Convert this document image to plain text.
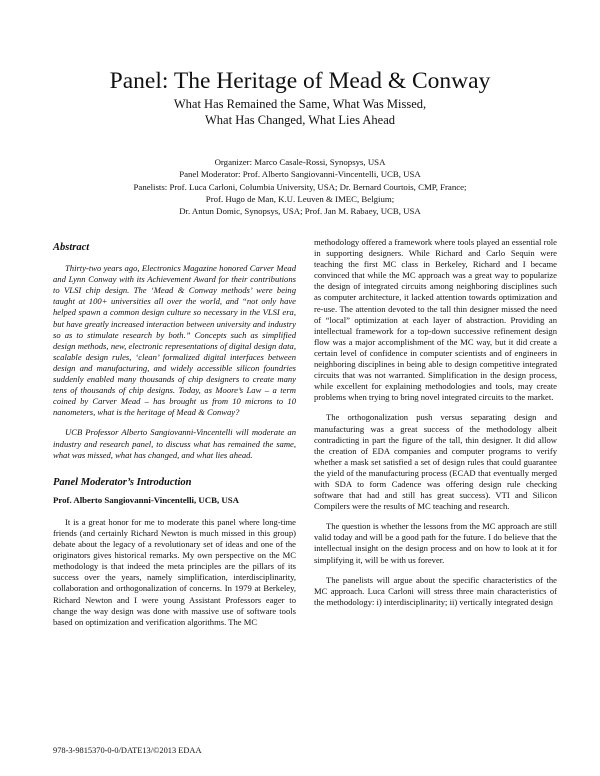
Panel: The Heritage of Mead & Conway
What Has Remained the Same, What Was Missed,
What Has Changed, What Lies Ahead
Organizer: Marco Casale-Rossi, Synopsys, USA
Panel Moderator: Prof. Alberto Sangiovanni-Vincentelli, UCB, USA
Panelists: Prof. Luca Carloni, Columbia University, USA; Dr. Bernard Courtois, CMP, France;
Prof. Hugo de Man, K.U. Leuven & IMEC, Belgium;
Dr. Antun Domic, Synopsys, USA; Prof. Jan M. Rabaey, UCB, USA
Abstract

Thirty-two years ago, Electronics Magazine honored Carver Mead and Lynn Conway with its Achievement Award for their contributions to VLSI chip design. The ‘Mead & Conway methods’ were being taught at 100+ universities all over the world, and “not only have helped spawn a common design culture so necessary in the VLSI era, but have greatly increased interaction between university and industry so as to stimulate research by both.” Concepts such as simplified design methods, new, electronic representations of digital design data, scalable design rules, ‘clean’ formalized digital interfaces between design and manufacturing, and widely accessible silicon foundries suddenly enabled many thousands of chip designers to create many tens of thousands of chip designs. Today, as Moore’s Law – a term coined by Carver Mead – has brought us from 10 microns to 10 nanometers, what is the heritage of Mead & Conway?

UCB Professor Alberto Sangiovanni-Vincentelli will moderate an industry and research panel, to discuss what has remained the same, what was missed, what has changed, and what lies ahead.

Panel Moderator’s Introduction
Prof. Alberto Sangiovanni-Vincentelli, UCB, USA

It is a great honor for me to moderate this panel where long-time friends (and certainly Richard Newton is much missed in this group) debate about the legacy of a revolutionary set of ideas and one of the originators gives historical remarks. My own perspective on the MC methodology is that indeed the meta principles are the pillars of its success over the years, namely simplification, interdisciplinarity, collaboration and orthogonalization of concerns. In 1979 at Berkeley, Richard Newton and I were young Assistant Professors eager to change the way design was done with massive use of software tools based on optimization and verification algorithms. The MC

methodology offered a framework where tools played an essential role in supporting designers. While Richard and Carlo Sequin were teaching the first MC class in Berkeley, Richard and I became convinced that while the MC approach was a great way to popularize the design of integrated circuits among neighboring disciplines such as computer architecture, it lacked attention towards optimization and re-use. The attention devoted to the tall thin designer missed the need of “local” optimization at each layer of abstraction. Providing an intellectual framework for a top-down successive refinement design flow was a major accomplishment of the MC way, but it did create a certain level of confidence in computer scientists and of engineers in neighboring disciplines in being able to design competitive integrated circuits that was not warranted. Simplification in the design process, while excellent for explaining methodologies and tools, may create problems when trying to bring novel integrated circuits to the market.

The orthogonalization push versus separating design and manufacturing was a great success of the methodology albeit contradicting in part the figure of the tall, thin designer. It did allow the creation of EDA companies and computer programs to verify whether a mask set satisfied a set of design rules that could guarantee the yield of the manufacturing process (ECAD that eventually merged with SDA to form Cadence was offering design rule checking software that had and still has great success). VTI and Silicon Compilers were the results of MC teaching and research.

The question is whether the lessons from the MC approach are still valid today and will be a good path for the future. I do believe that the intellectual insight on the design process and on how to look at it for simplifying it, will be with us forever.

The panelists will argue about the specific characteristics of the MC approach. Luca Carloni will stress three main characteristics of the methodology: i) interdisciplinarity; ii) vertically integrated design

978-3-9815370-0-0/DATE13/©2013 EDAA
